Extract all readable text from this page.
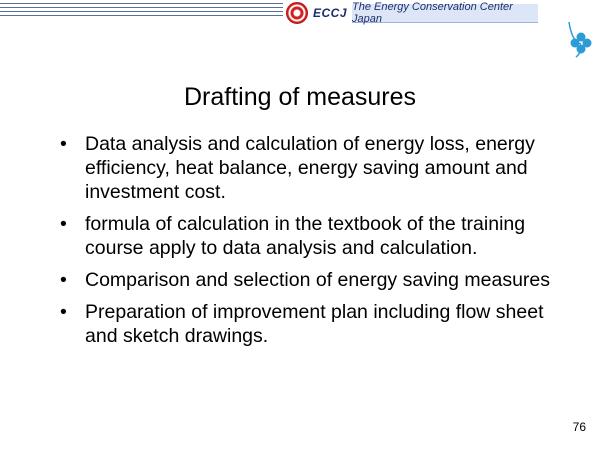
ECCJ The Energy Conservation Center Japan
Drafting of measures
• Data analysis and calculation of energy loss, energy efficiency, heat balance, energy saving amount and investment cost.
• formula of calculation in the textbook of the training course apply to data analysis and calculation.
• Comparison and selection of energy saving measures
• Preparation of improvement plan including flow sheet and sketch drawings.
76
